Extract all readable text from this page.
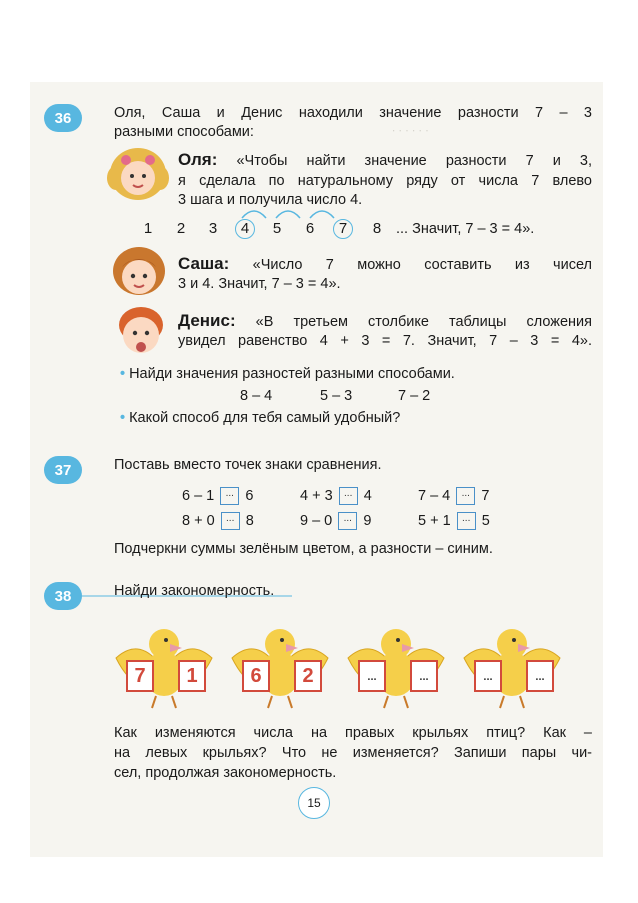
∙ ∙ ∙ ∙ ∙ ∙
36	Оля, Саша и Денис находили значение разности 7 – 3
разными способами:
Оля: «Чтобы найти значение разности 7 и 3,
я сделала по натуральному ряду от числа 7 влево
3 шага и получила число 4.
1	2	3	4	5	6	7	8	... Значит, 7 – 3 = 4».
Саша: «Число 7 можно составить из чисел
3 и 4. Значит, 7 – 3 = 4».
Денис: «В третьем столбике таблицы сложения
увидел равенство 4 + 3 = 7. Значит, 7 – 3 = 4».
• Найди значения разностей разными способами.
8 – 4	5 – 3	7 – 2
• Какой способ для тебя самый удобный?
37	Поставь вместо точек знаки сравнения.
6 – 1 ... 6	4 + 3 ... 4	7 – 4 ... 7
8 + 0 ... 8	9 – 0 ... 9	5 + 1 ... 5
Подчеркни суммы зелёным цветом, а разности – синим.
38	Найди закономерность.
7	1	6	2	...	...	...	...
Как изменяются числа на правых крыльях птиц? Как –
на левых крыльях? Что не изменяется? Запиши пары чи-
сел, продолжая закономерность.
15
